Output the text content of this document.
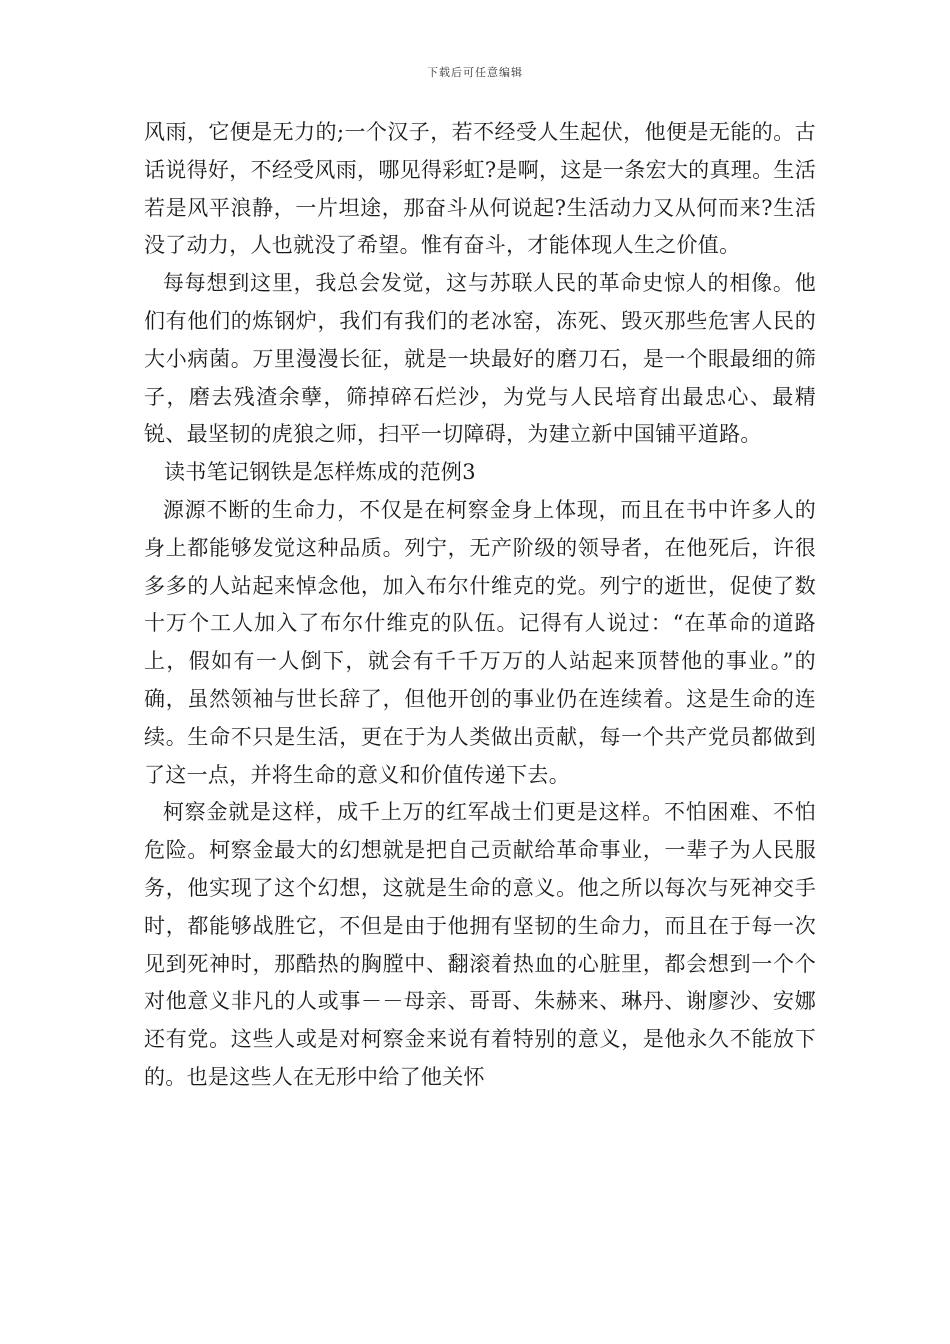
下载后可任意编辑

风雨，它便是无力的;一个汉子，若不经受人生起伏，他便是无能的。古话说得好，不经受风雨，哪见得彩虹?是啊，这是一条宏大的真理。生活若是风平浪静，一片坦途，那奋斗从何说起?生活动力又从何而来?生活没了动力，人也就没了希望。惟有奋斗，才能体现人生之价值。

每每想到这里，我总会发觉，这与苏联人民的革命史惊人的相像。他们有他们的炼钢炉，我们有我们的老冰窑，冻死、毁灭那些危害人民的大小病菌。万里漫漫长征，就是一块最好的磨刀石，是一个眼最细的筛子，磨去残渣余孽，筛掉碎石烂沙，为党与人民培育出最忠心、最精锐、最坚韧的虎狼之师，扫平一切障碍，为建立新中国铺平道路。

读书笔记钢铁是怎样炼成的范例3

源源不断的生命力，不仅是在柯察金身上体现，而且在书中许多人的身上都能够发觉这种品质。列宁，无产阶级的领导者，在他死后，许很多多的人站起来悼念他，加入布尔什维克的党。列宁的逝世，促使了数十万个工人加入了布尔什维克的队伍。记得有人说过：“在革命的道路上，假如有一人倒下，就会有千千万万的人站起来顶替他的事业。”的确，虽然领袖与世长辞了，但他开创的事业仍在连续着。这是生命的连续。生命不只是生活，更在于为人类做出贡献，每一个共产党员都做到了这一点，并将生命的意义和价值传递下去。

柯察金就是这样，成千上万的红军战士们更是这样。不怕困难、不怕危险。柯察金最大的幻想就是把自己贡献给革命事业，一辈子为人民服务，他实现了这个幻想，这就是生命的意义。他之所以每次与死神交手时，都能够战胜它，不但是由于他拥有坚韧的生命力，而且在于每一次见到死神时，那酷热的胸膛中、翻滚着热血的心脏里，都会想到一个个对他意义非凡的人或事－－母亲、哥哥、朱赫来、琳丹、谢廖沙、安娜还有党。这些人或是对柯察金来说有着特别的意义，是他永久不能放下的。也是这些人在无形中给了他关怀
